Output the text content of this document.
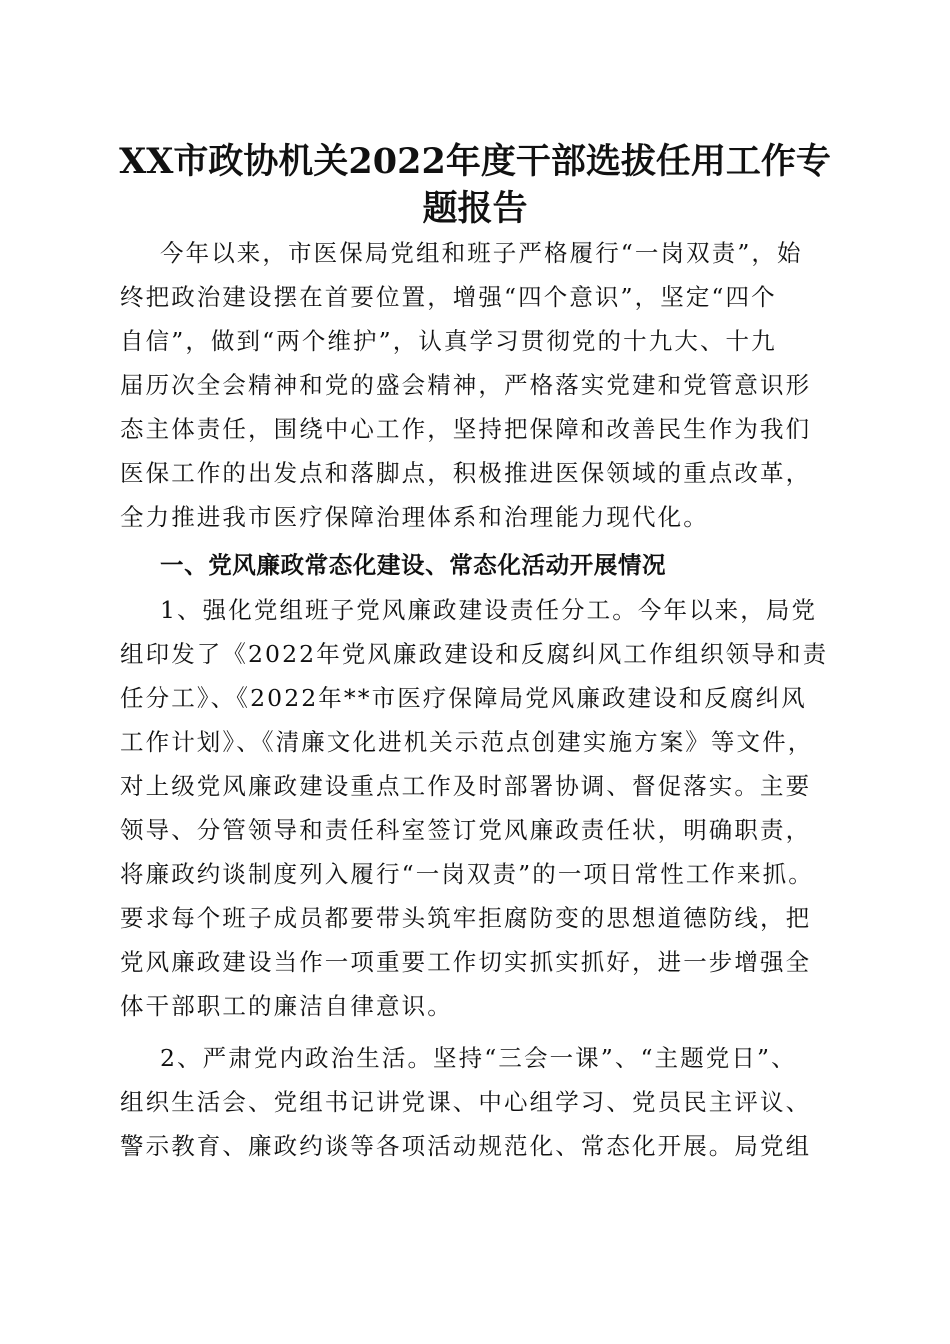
XX市政协机关2022年度干部选拔任用工作专
题报告
今年以来，市医保局党组和班子严格履行“一岗双责”，始
终把政治建设摆在首要位置，增强“四个意识”，坚定“四个
自信”，做到“两个维护”，认真学习贯彻党的十九大、十九
届历次全会精神和党的盛会精神，严格落实党建和党管意识形
态主体责任，围绕中心工作，坚持把保障和改善民生作为我们
医保工作的出发点和落脚点，积极推进医保领域的重点改革，
全力推进我市医疗保障治理体系和治理能力现代化。
一、党风廉政常态化建设、常态化活动开展情况
1、强化党组班子党风廉政建设责任分工。今年以来，局党
组印发了《2022年党风廉政建设和反腐纠风工作组织领导和责
任分工》、《2022年**市医疗保障局党风廉政建设和反腐纠风
工作计划》、《清廉文化进机关示范点创建实施方案》等文件，
对上级党风廉政建设重点工作及时部署协调、督促落实。主要
领导、分管领导和责任科室签订党风廉政责任状，明确职责，
将廉政约谈制度列入履行“一岗双责”的一项日常性工作来抓。
要求每个班子成员都要带头筑牢拒腐防变的思想道德防线，把
党风廉政建设当作一项重要工作切实抓实抓好，进一步增强全
体干部职工的廉洁自律意识。
2、严肃党内政治生活。坚持“三会一课”、“主题党日”、
组织生活会、党组书记讲党课、中心组学习、党员民主评议、
警示教育、廉政约谈等各项活动规范化、常态化开展。局党组
